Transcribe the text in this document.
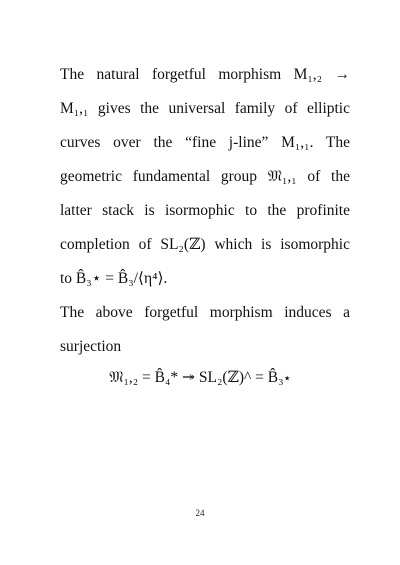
The natural forgetful morphism M₁,₂ →
M₁,₁ gives the universal family of elliptic
curves over the “fine j-line” M₁,₁. The
geometric fundamental group 𝔐₁,₁ of the
latter stack is isormophic to the profinite
completion of SL₂(ℤ) which is isomorphic
to B̂₃⋆ = B̂₃/⟨η⁴⟩.
The above forgetful morphism induces a
surjection
𝔐₁,₂ = B̂₄* ↠ SL₂(ℤ)^ = B̂₃⋆
24
